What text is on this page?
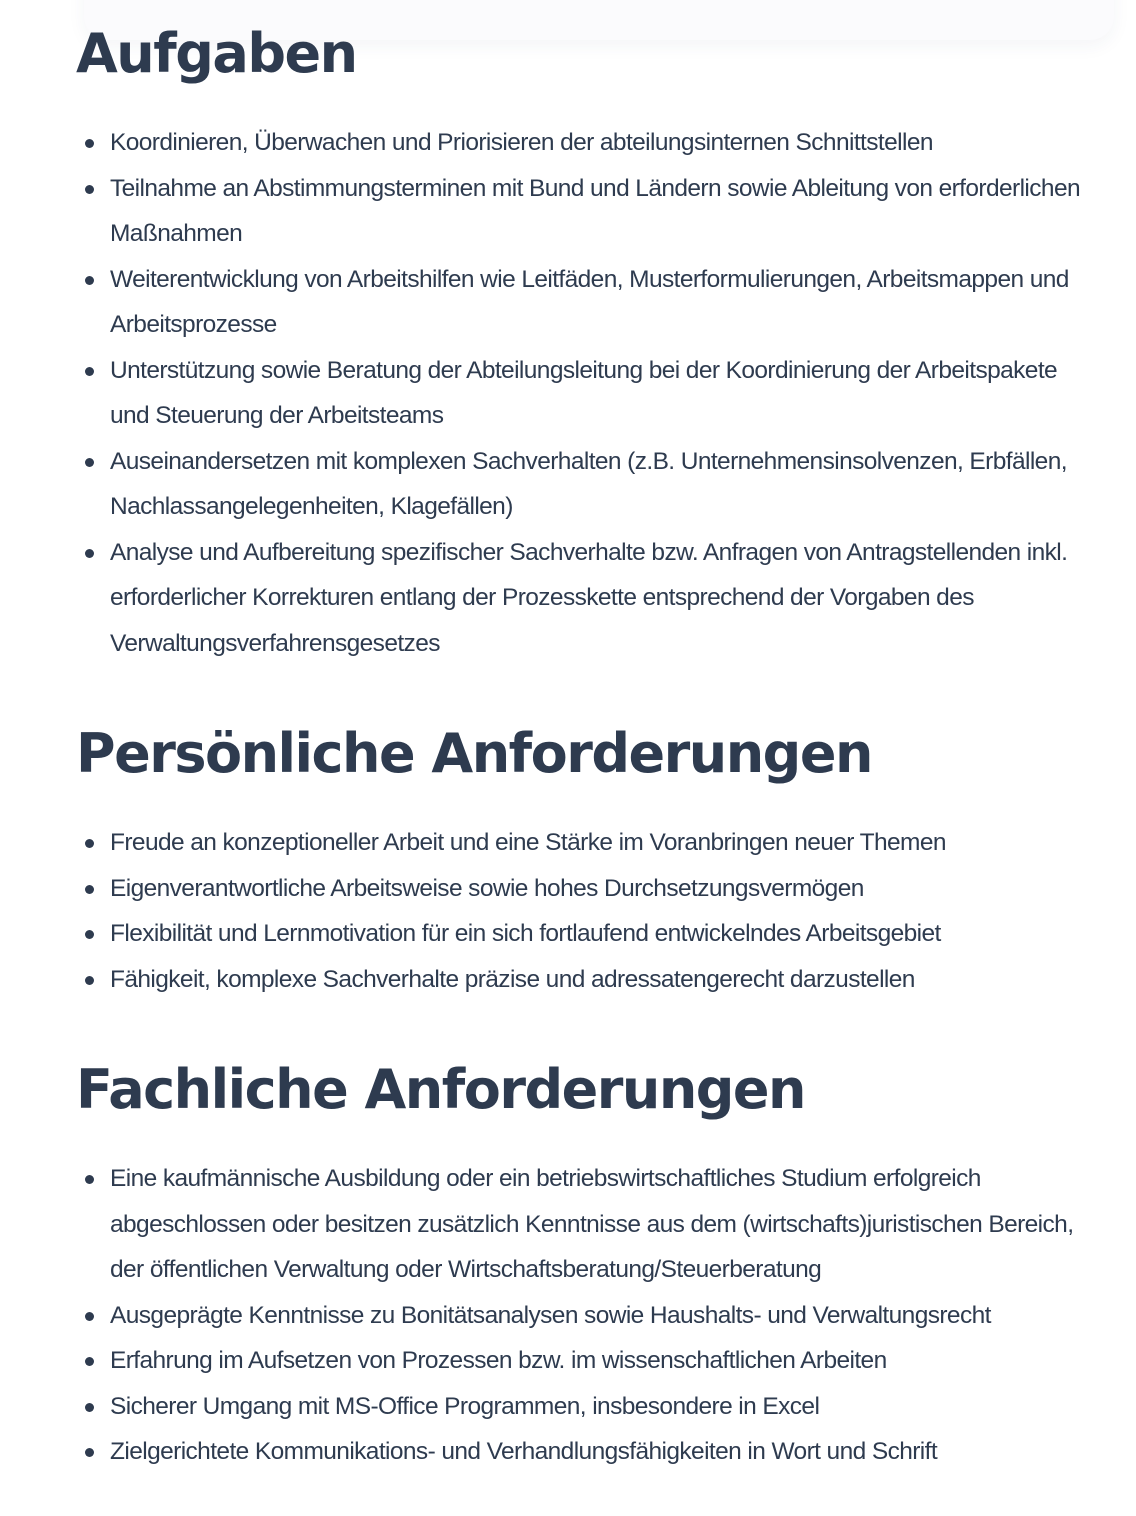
Aufgaben
Koordinieren, Überwachen und Priorisieren der abteilungsinternen Schnittstellen
Teilnahme an Abstimmungsterminen mit Bund und Ländern sowie Ableitung von erforderlichen Maßnahmen
Weiterentwicklung von Arbeitshilfen wie Leitfäden, Musterformulierungen, Arbeitsmappen und Arbeitsprozesse
Unterstützung sowie Beratung der Abteilungsleitung bei der Koordinierung der Arbeitspakete und Steuerung der Arbeitsteams
Auseinandersetzen mit komplexen Sachverhalten (z.B. Unternehmensinsolvenzen, Erbfällen, Nachlassangelegenheiten, Klagefällen)
Analyse und Aufbereitung spezifischer Sachverhalte bzw. Anfragen von Antragstellenden inkl. erforderlicher Korrekturen entlang der Prozesskette entsprechend der Vorgaben des Verwaltungsverfahrensgesetzes
Persönliche Anforderungen
Freude an konzeptioneller Arbeit und eine Stärke im Voranbringen neuer Themen
Eigenverantwortliche Arbeitsweise sowie hohes Durchsetzungsvermögen
Flexibilität und Lernmotivation für ein sich fortlaufend entwickelndes Arbeitsgebiet
Fähigkeit, komplexe Sachverhalte präzise und adressatengerecht darzustellen
Fachliche Anforderungen
Eine kaufmännische Ausbildung oder ein betriebswirtschaftliches Studium erfolgreich abgeschlossen oder besitzen zusätzlich Kenntnisse aus dem (wirtschafts)juristischen Bereich, der öffentlichen Verwaltung oder Wirtschaftsberatung/Steuerberatung
Ausgeprägte Kenntnisse zu Bonitätsanalysen sowie Haushalts- und Verwaltungsrecht
Erfahrung im Aufsetzen von Prozessen bzw. im wissenschaftlichen Arbeiten
Sicherer Umgang mit MS-Office Programmen, insbesondere in Excel
Zielgerichtete Kommunikations- und Verhandlungsfähigkeiten in Wort und Schrift
